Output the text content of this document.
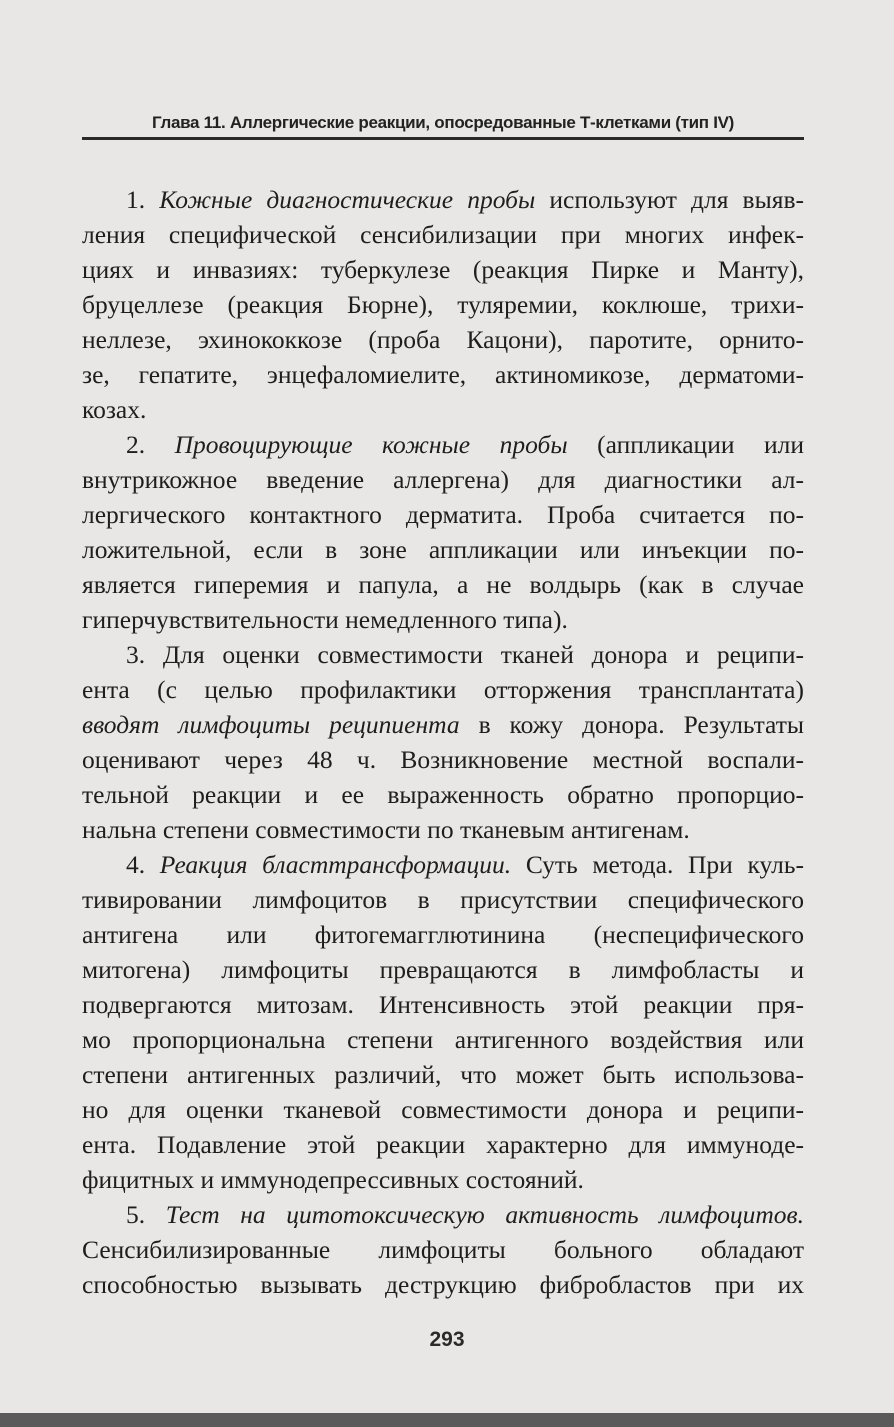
Глава 11. Аллергические реакции, опосредованные Т-клетками (тип IV)
1. Кожные диагностические пробы используют для выяв-
ления специфической сенсибилизации при многих инфек-
циях и инвазиях: туберкулезе (реакция Пирке и Манту),
бруцеллезе (реакция Бюрне), туляремии, коклюше, трихи-
неллезе, эхинококкозе (проба Кацони), паротите, орнито-
зе, гепатите, энцефаломиелите, актиномикозе, дерматоми-
козах.
2. Провоцирующие кожные пробы (аппликации или
внутрикожное введение аллергена) для диагностики ал-
лергического контактного дерматита. Проба считается по-
ложительной, если в зоне аппликации или инъекции по-
является гиперемия и папула, а не волдырь (как в случае
гиперчувствительности немедленного типа).
3. Для оценки совместимости тканей донора и реципи-
ента (с целью профилактики отторжения трансплантата)
вводят лимфоциты реципиента в кожу донора. Результаты
оценивают через 48 ч. Возникновение местной воспали-
тельной реакции и ее выраженность обратно пропорцио-
нальна степени совместимости по тканевым антигенам.
4. Реакция бласттрансформации. Суть метода. При куль-
тивировании лимфоцитов в присутствии специфического
антигена или фитогемагглютинина (неспецифического
митогена) лимфоциты превращаются в лимфобласты и
подвергаются митозам. Интенсивность этой реакции пря-
мо пропорциональна степени антигенного воздействия или
степени антигенных различий, что может быть использова-
но для оценки тканевой совместимости донора и реципи-
ента. Подавление этой реакции характерно для иммуноде-
фицитных и иммунодепрессивных состояний.
5. Тест на цитотоксическую активность лимфоцитов.
Сенсибилизированные лимфоциты больного обладают
способностью вызывать деструкцию фибробластов при их
293
